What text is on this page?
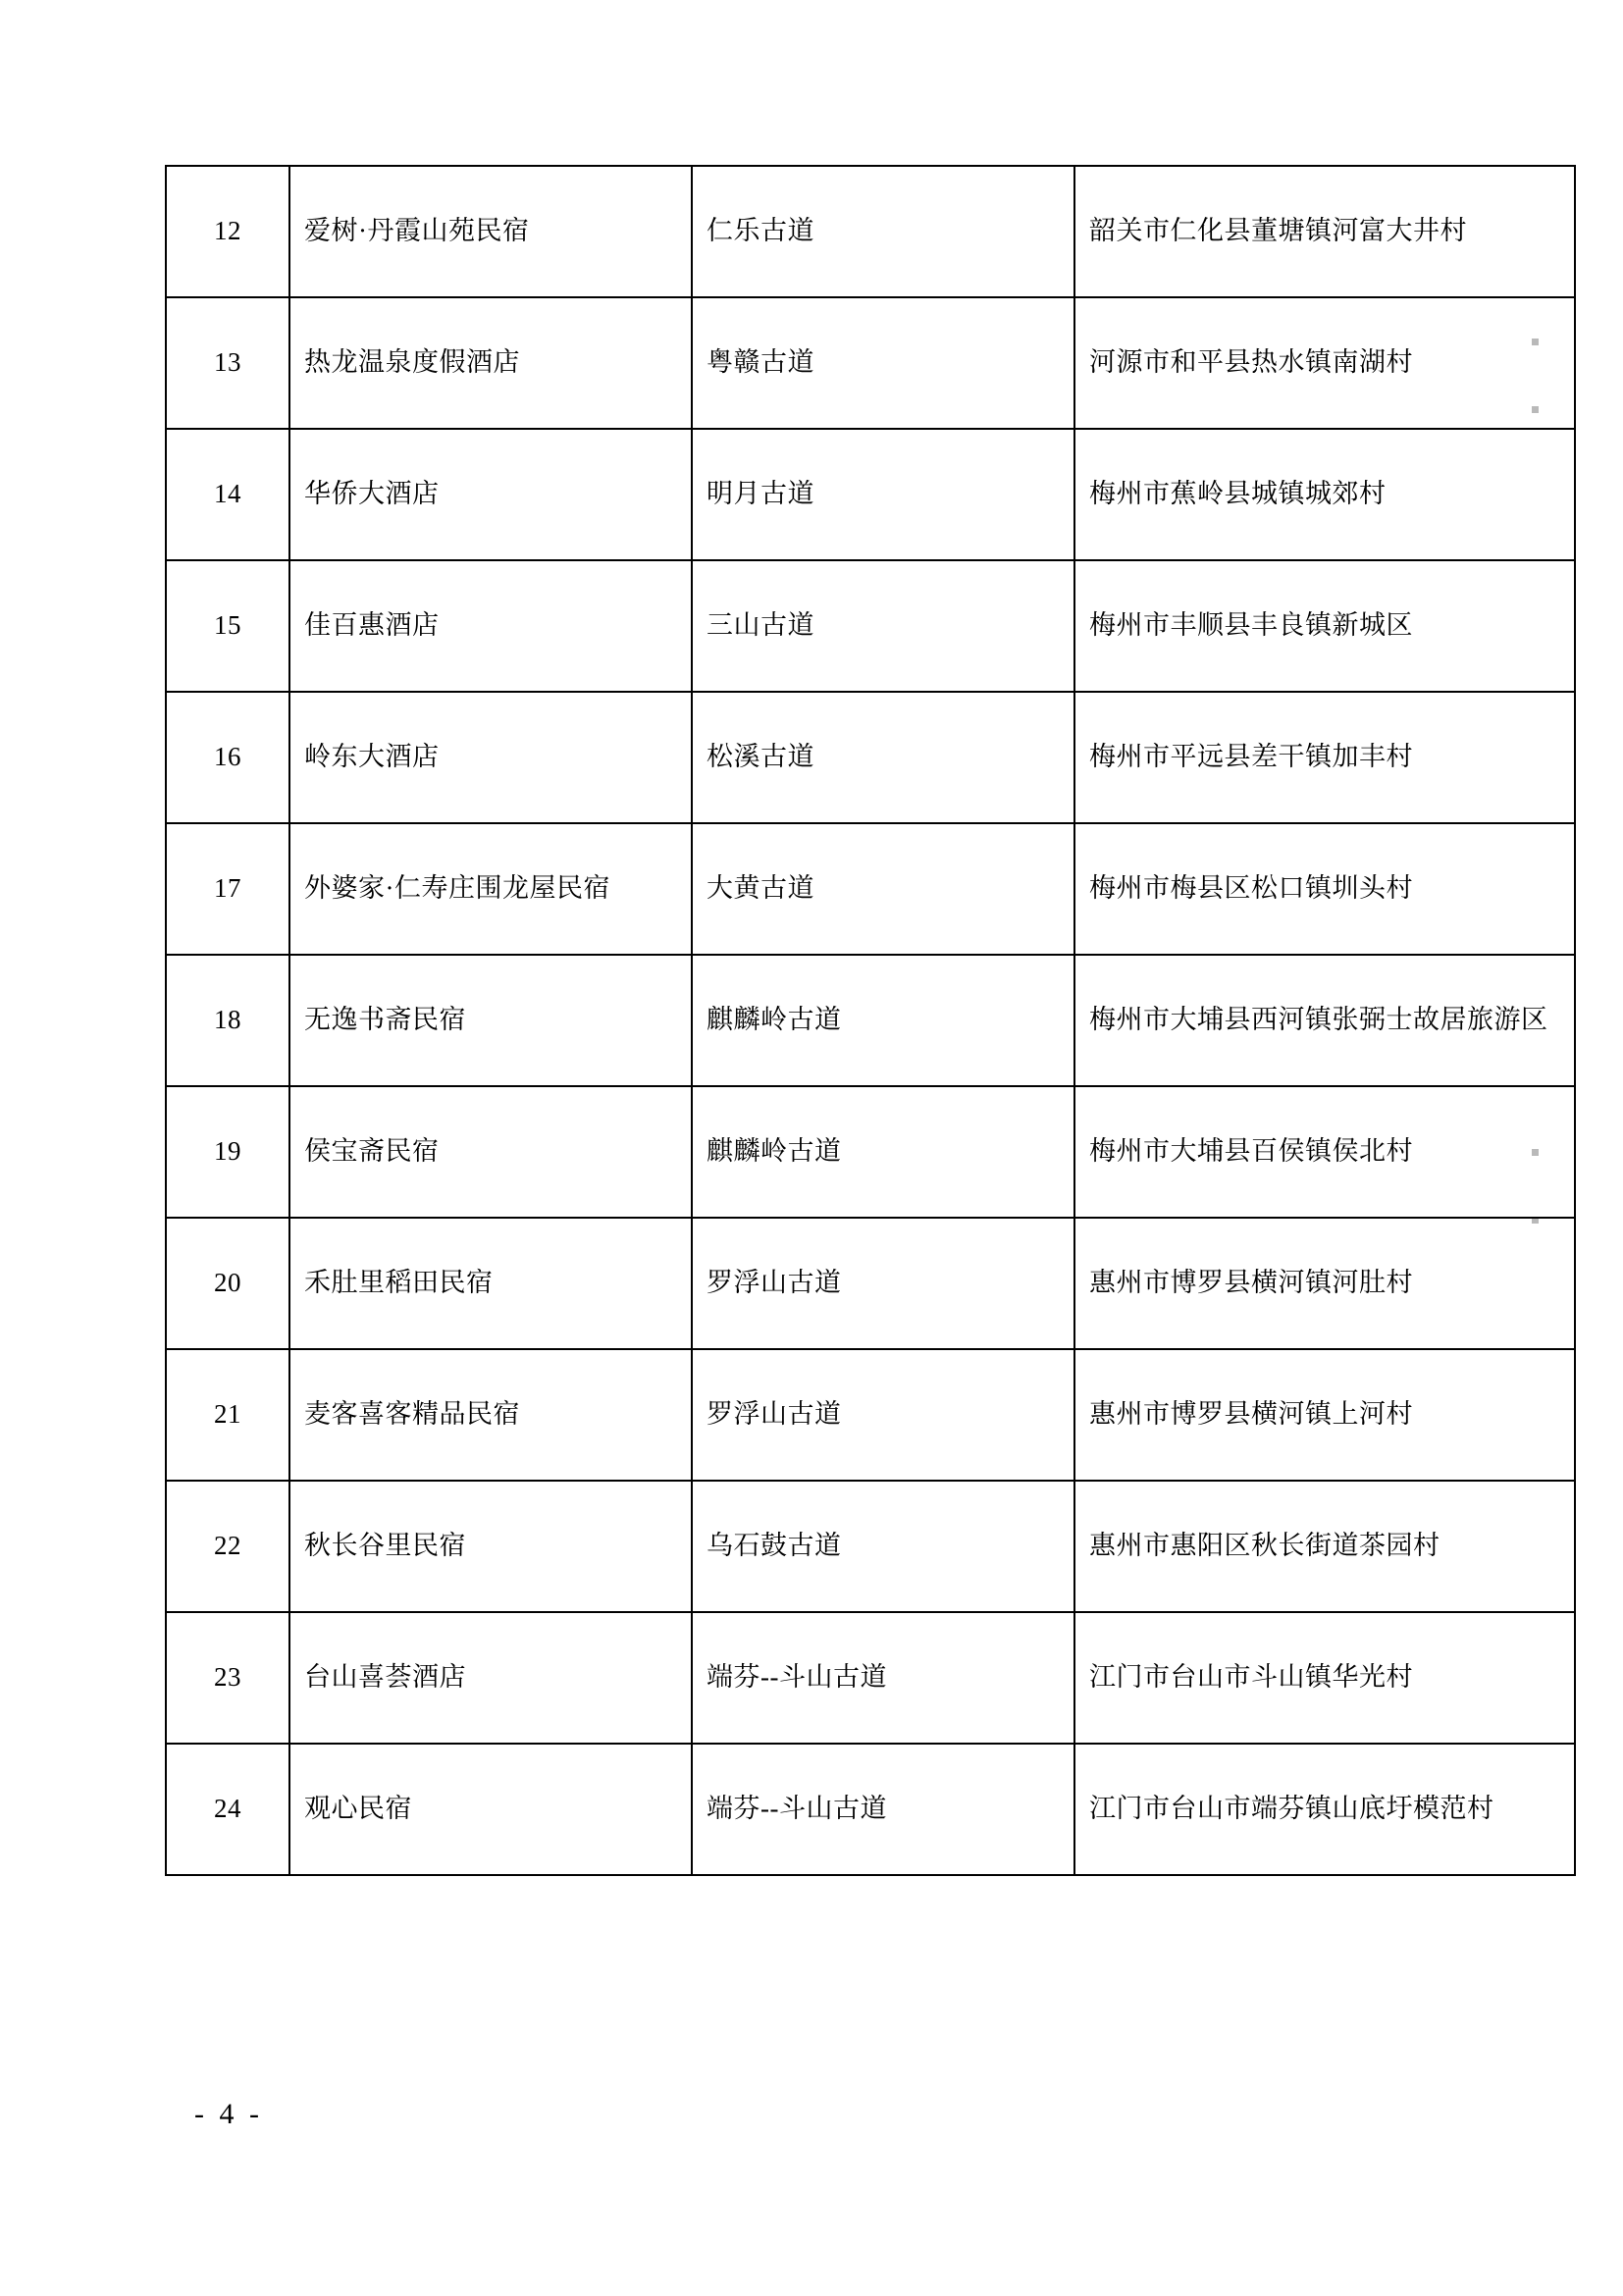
12	爱树·丹霞山苑民宿	仁乐古道	韶关市仁化县董塘镇河富大井村
13	热龙温泉度假酒店	粤赣古道	河源市和平县热水镇南湖村
14	华侨大酒店	明月古道	梅州市蕉岭县城镇城郊村
15	佳百惠酒店	三山古道	梅州市丰顺县丰良镇新城区
16	岭东大酒店	松溪古道	梅州市平远县差干镇加丰村
17	外婆家·仁寿庄围龙屋民宿	大黄古道	梅州市梅县区松口镇圳头村
18	无逸书斋民宿	麒麟岭古道	梅州市大埔县西河镇张弼士故居旅游区
19	侯宝斋民宿	麒麟岭古道	梅州市大埔县百侯镇侯北村
20	禾肚里稻田民宿	罗浮山古道	惠州市博罗县横河镇河肚村
21	麦客喜客精品民宿	罗浮山古道	惠州市博罗县横河镇上河村
22	秋长谷里民宿	乌石鼓古道	惠州市惠阳区秋长街道茶园村
23	台山喜荟酒店	端芬--斗山古道	江门市台山市斗山镇华光村
24	观心民宿	端芬--斗山古道	江门市台山市端芬镇山底圩模范村
- 4 -
